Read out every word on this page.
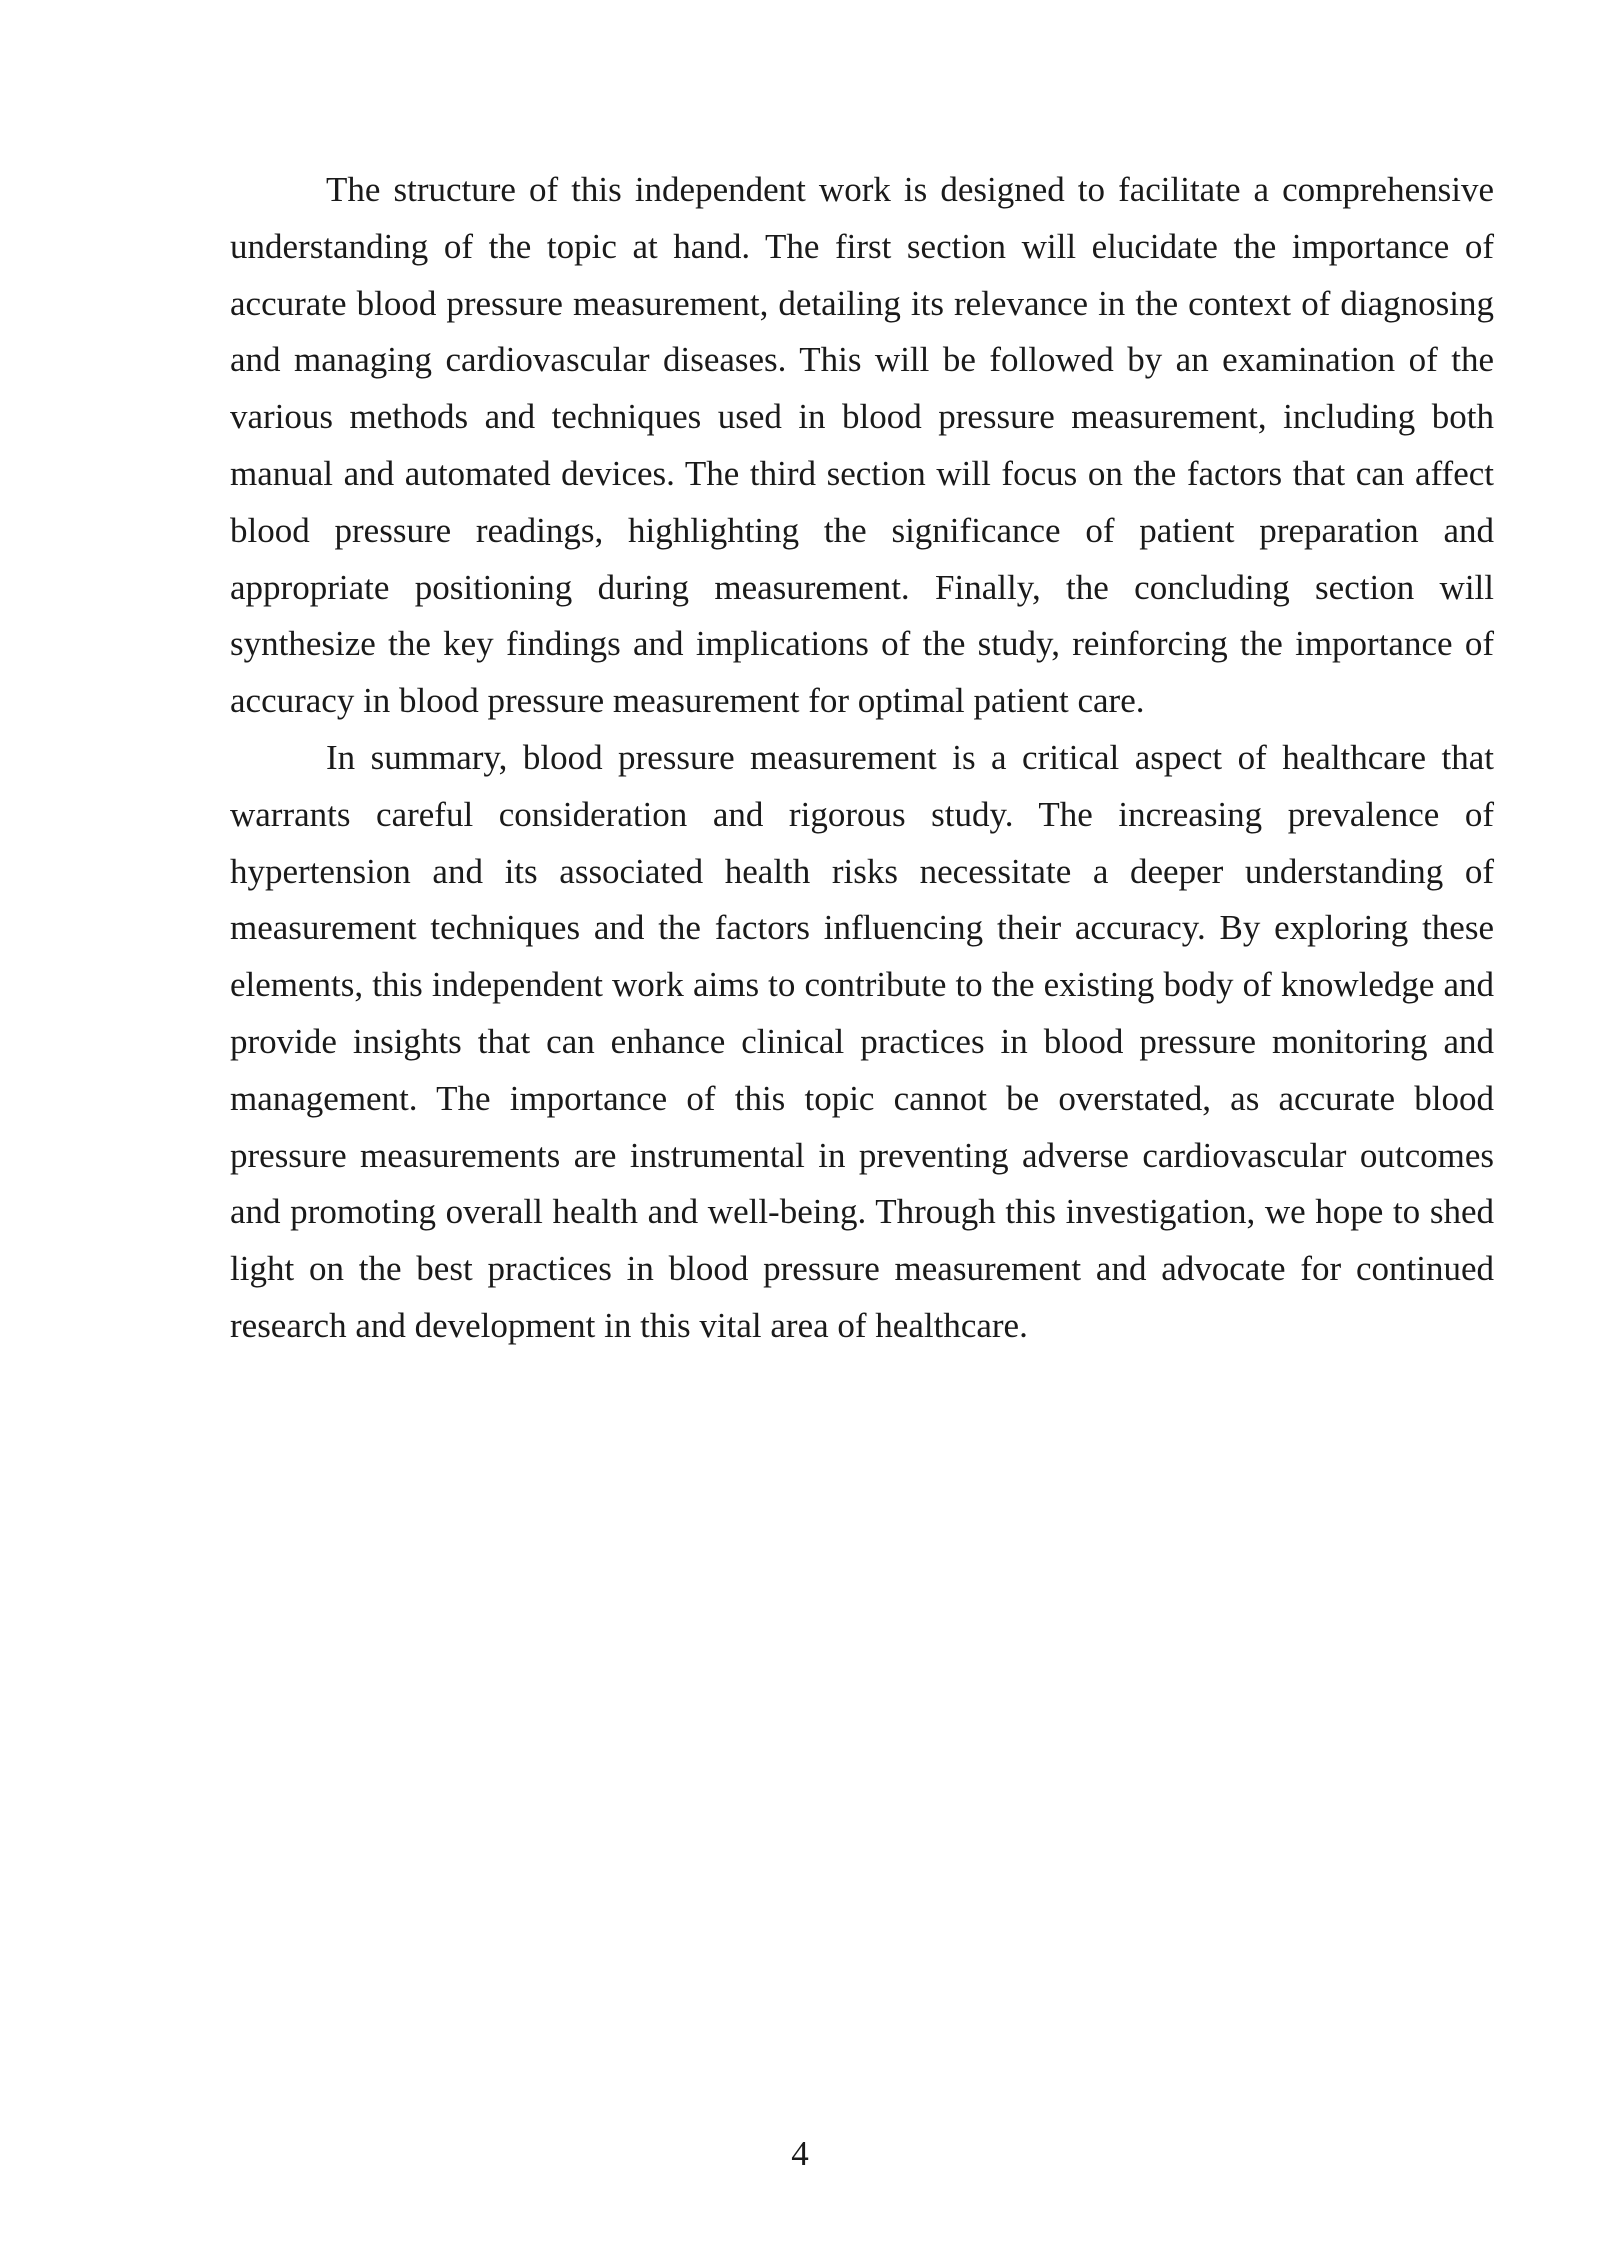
The structure of this independent work is designed to facilitate a comprehensive understanding of the topic at hand. The first section will elucidate the importance of accurate blood pressure measurement, detailing its relevance in the context of diagnosing and managing cardiovascular diseases. This will be followed by an examination of the various methods and techniques used in blood pressure measurement, including both manual and automated devices. The third section will focus on the factors that can affect blood pressure readings, highlighting the significance of patient preparation and appropriate positioning during measurement. Finally, the concluding section will synthesize the key findings and implications of the study, reinforcing the importance of accuracy in blood pressure measurement for optimal patient care.

In summary, blood pressure measurement is a critical aspect of healthcare that warrants careful consideration and rigorous study. The increasing prevalence of hypertension and its associated health risks necessitate a deeper understanding of measurement techniques and the factors influencing their accuracy. By exploring these elements, this independent work aims to contribute to the existing body of knowledge and provide insights that can enhance clinical practices in blood pressure monitoring and management. The importance of this topic cannot be overstated, as accurate blood pressure measurements are instrumental in preventing adverse cardiovascular outcomes and promoting overall health and well-being. Through this investigation, we hope to shed light on the best practices in blood pressure measurement and advocate for continued research and development in this vital area of healthcare.

4
